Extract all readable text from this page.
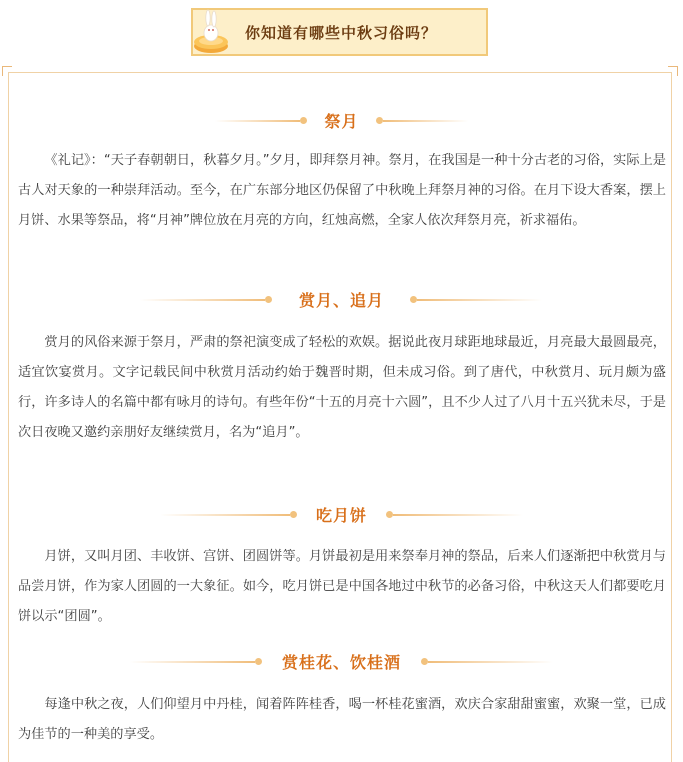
你知道有哪些中秋习俗吗？
祭月

《礼记》：“天子春朝朝日，秋暮夕月。”夕月，即拜祭月神。祭月，在我国是一种十分古老的习俗，实际上是古人对天象的一种崇拜活动。至今，在广东部分地区仍保留了中秋晚上拜祭月神的习俗。在月下设大香案，摆上月饼、水果等祭品，将“月神”牌位放在月亮的方向，红烛高燃，全家人依次拜祭月亮，祈求福佑。

赏月、追月

赏月的风俗来源于祭月，严肃的祭祀演变成了轻松的欢娱。据说此夜月球距地球最近，月亮最大最圆最亮，适宜饮宴赏月。文字记载民间中秋赏月活动约始于魏晋时期，但未成习俗。到了唐代，中秋赏月、玩月颇为盛行，许多诗人的名篇中都有咏月的诗句。有些年份“十五的月亮十六圆”，且不少人过了八月十五兴犹未尽，于是次日夜晚又邀约亲朋好友继续赏月，名为“追月”。

吃月饼

月饼，又叫月团、丰收饼、宫饼、团圆饼等。月饼最初是用来祭奉月神的祭品，后来人们逐渐把中秋赏月与品尝月饼，作为家人团圆的一大象征。如今，吃月饼已是中国各地过中秋节的必备习俗，中秋这天人们都要吃月饼以示“团圆”。

赏桂花、饮桂酒

每逢中秋之夜，人们仰望月中丹桂，闻着阵阵桂香，喝一杯桂花蜜酒，欢庆合家甜甜蜜蜜，欢聚一堂，已成为佳节的一种美的享受。
